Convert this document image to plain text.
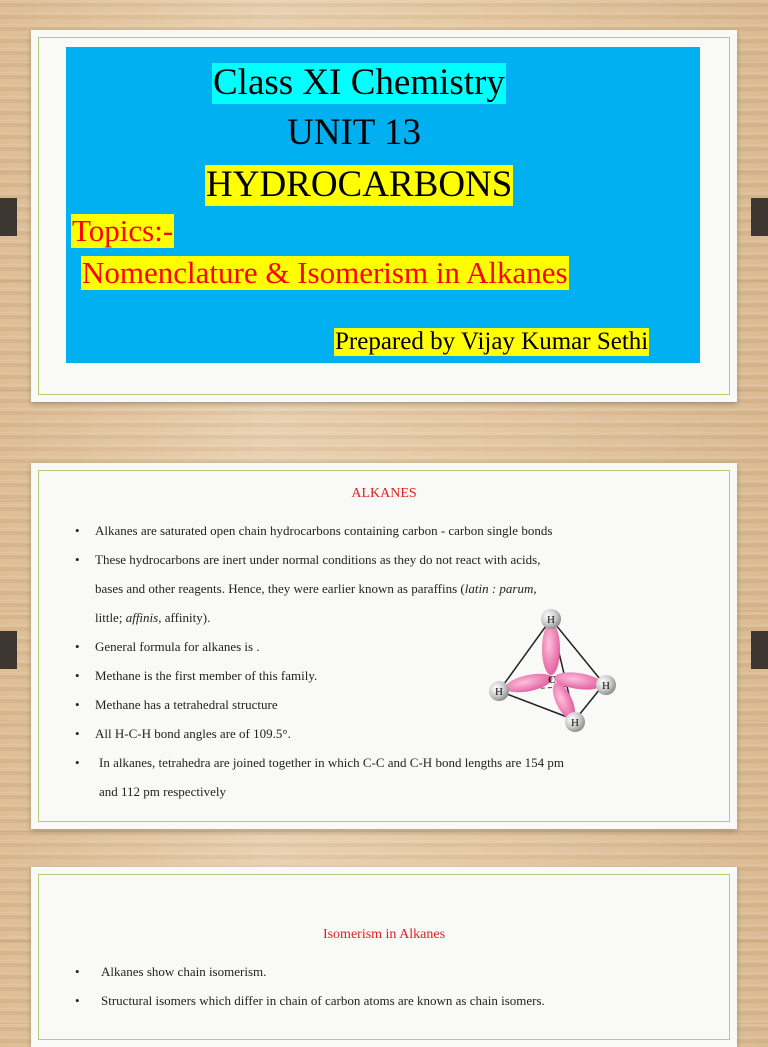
Class XI Chemistry
UNIT 13
HYDROCARBONS
Topics:-
Nomenclature & Isomerism in Alkanes
Prepared by Vijay Kumar Sethi
ALKANES
• Alkanes are saturated open chain hydrocarbons containing carbon - carbon single bonds
• These hydrocarbons are inert under normal conditions as they do not react with acids,
bases and other reagents. Hence, they were earlier known as paraffins (latin : parum,
little; affinis, affinity).
• General formula for alkanes is .
• Methane is the first member of this family.
• Methane has a tetrahedral structure
• All H-C-H bond angles are of 109.5°.
• In alkanes, tetrahedra are joined together in which C-C and C-H bond lengths are 154 pm
and 112 pm respectively
C
H
H	H
H
Isomerism in Alkanes
• Alkanes show chain isomerism.
• Structural isomers which differ in chain of carbon atoms are known as chain isomers.
